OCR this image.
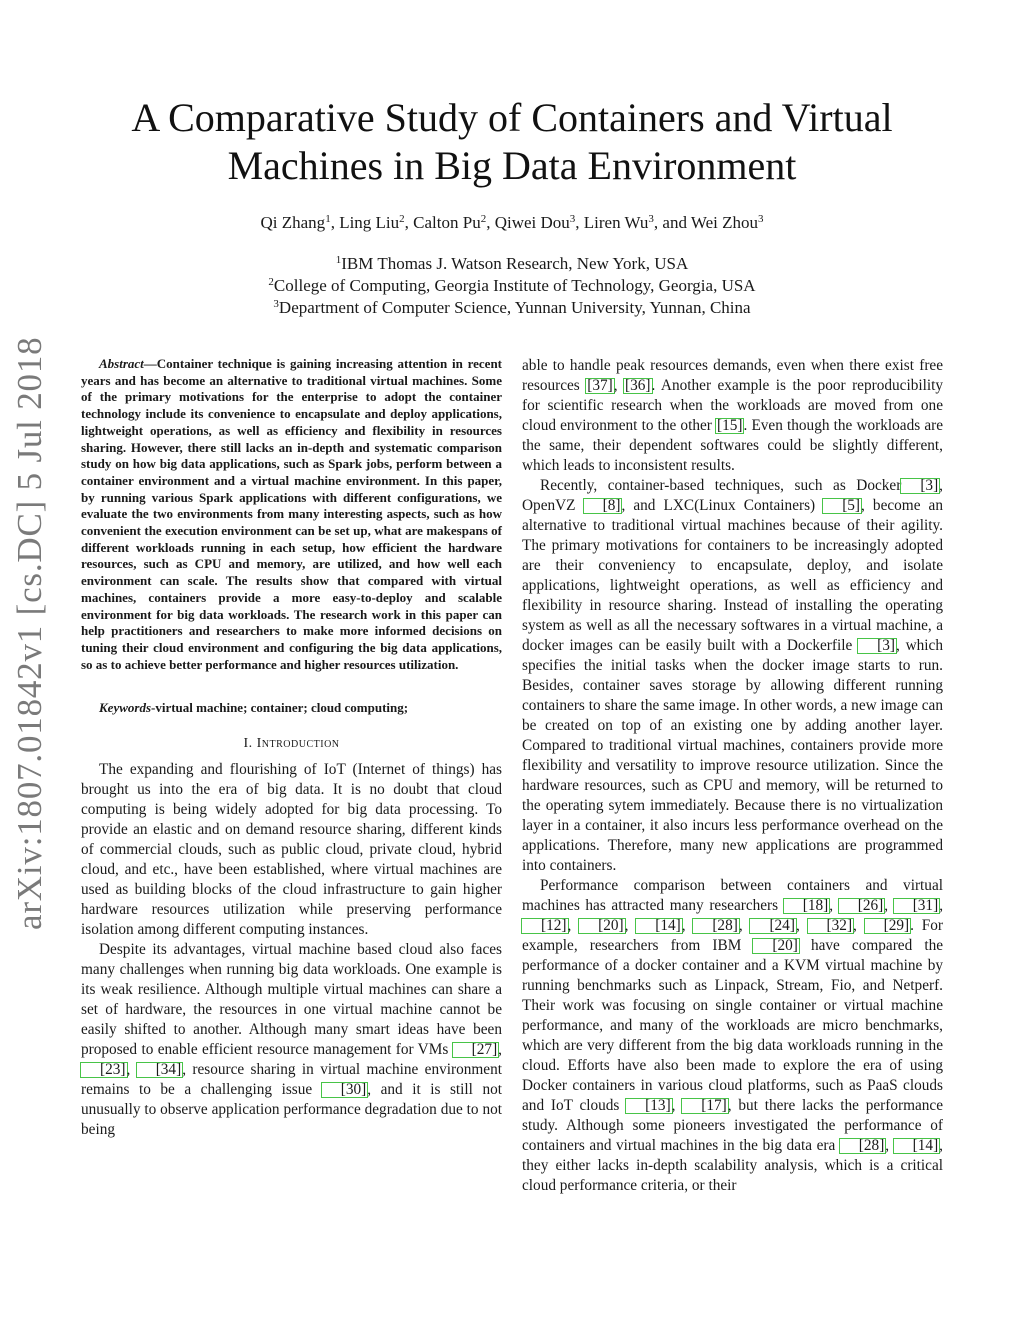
arXiv:1807.01842v1 [cs.DC] 5 Jul 2018
A Comparative Study of Containers and Virtual
Machines in Big Data Environment
Qi Zhang$^1$, Ling Liu$^2$, Calton Pu$^2$, Qiwei Dou$^3$, Liren Wu$^3$, and Wei Zhou$^3$
$^1$IBM Thomas J. Watson Research, New York, USA
$^2$College of Computing, Georgia Institute of Technology, Georgia, USA
$^3$Department of Computer Science, Yunnan University, Yunnan, China

Abstract—Container technique is gaining increasing attention in recent years and has become an alternative to traditional virtual machines. Some of the primary motivations for the enterprise to adopt the container technology include its convenience to encapsulate and deploy applications, lightweight operations, as well as efficiency and flexibility in resources sharing. However, there still lacks an in-depth and systematic comparison study on how big data applications, such as Spark jobs, perform between a container environment and a virtual machine environment. In this paper, by running various Spark applications with different configurations, we evaluate the two environments from many interesting aspects, such as how convenient the execution environment can be set up, what are makespans of different workloads running in each setup, how efficient the hardware resources, such as CPU and memory, are utilized, and how well each environment can scale. The results show that compared with virtual machines, containers provide a more easy-to-deploy and scalable environment for big data workloads. The research work in this paper can help practitioners and researchers to make more informed decisions on tuning their cloud environment and configuring the big data applications, so as to achieve better performance and higher resources utilization.

Keywords-virtual machine; container; cloud computing;

I. Introduction

The expanding and flourishing of IoT (Internet of things) has brought us into the era of big data. It is no doubt that cloud computing is being widely adopted for big data processing. To provide an elastic and on demand resource sharing, different kinds of commercial clouds, such as public cloud, private cloud, hybrid cloud, and etc., have been established, where virtual machines are used as building blocks of the cloud infrastructure to gain higher hardware resources utilization while preserving performance isolation among different computing instances.

Despite its advantages, virtual machine based cloud also faces many challenges when running big data workloads. One example is its weak resilience. Although multiple virtual machines can share a set of hardware, the resources in one virtual machine cannot be easily shifted to another. Although many smart ideas have been proposed to enable efficient resource management for VMs [27], [23], [34], resource sharing in virtual machine environment remains to be a challenging issue [30], and it is still not unusually to observe application performance degradation due to not being

able to handle peak resources demands, even when there exist free resources [37], [36]. Another example is the poor reproducibility for scientific research when the workloads are moved from one cloud environment to the other [15]. Even though the workloads are the same, their dependent softwares could be slightly different, which leads to inconsistent results.

Recently, container-based techniques, such as Docker [3], OpenVZ [8], and LXC(Linux Containers) [5], become an alternative to traditional virtual machines because of their agility. The primary motivations for containers to be increasingly adopted are their conveniency to encapsulate, deploy, and isolate applications, lightweight operations, as well as efficiency and flexibility in resource sharing. Instead of installing the operating system as well as all the necessary softwares in a virtual machine, a docker images can be easily built with a Dockerfile [3], which specifies the initial tasks when the docker image starts to run. Besides, container saves storage by allowing different running containers to share the same image. In other words, a new image can be created on top of an existing one by adding another layer. Compared to traditional virtual machines, containers provide more flexibility and versatility to improve resource utilization. Since the hardware resources, such as CPU and memory, will be returned to the operating sytem immediately. Because there is no virtualization layer in a container, it also incurs less performance overhead on the applications. Therefore, many new applications are programmed into containers.

Performance comparison between containers and virtual machines has attracted many researchers [18], [26], [31], [12], [20], [14], [28], [24], [32], [29]. For example, researchers from IBM [20] have compared the performance of a docker container and a KVM virtual machine by running benchmarks such as Linpack, Stream, Fio, and Netperf. Their work was focusing on single container or virtual machine performance, and many of the workloads are micro benchmarks, which are very different from the big data workloads running in the cloud. Efforts have also been made to explore the era of using Docker containers in various cloud platforms, such as PaaS clouds and IoT clouds [13], [17], but there lacks the performance study. Although some pioneers investigated the performance of containers and virtual machines in the big data era [28], [14], they either lacks in-depth scalability analysis, which is a critical cloud performance criteria, or their
